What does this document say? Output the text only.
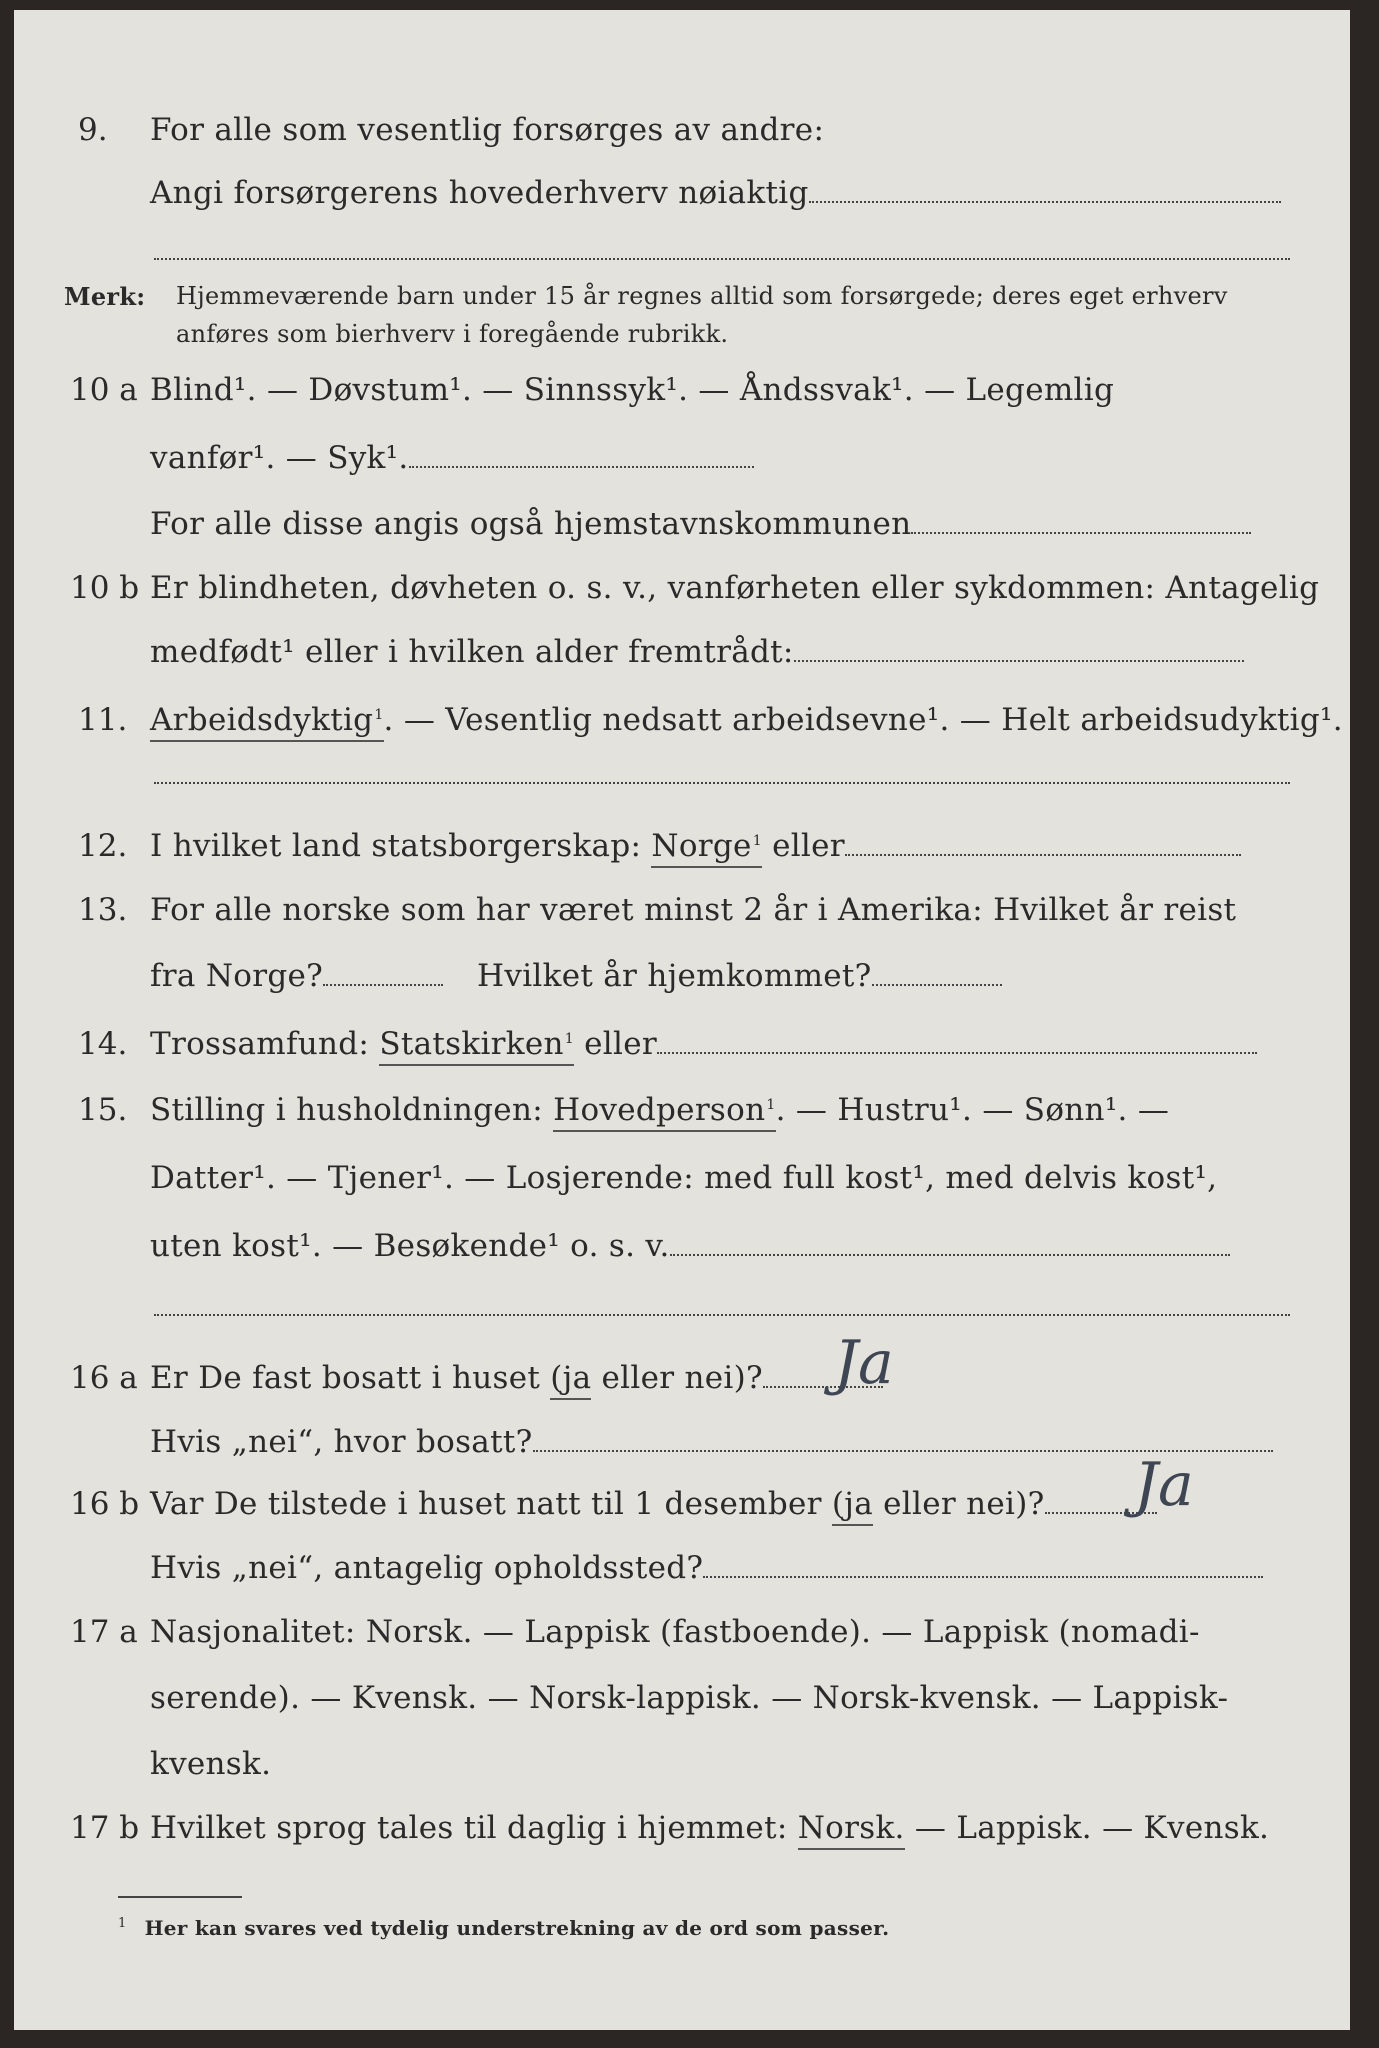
9. For alle som vesentlig forsørges av andre:
Angi forsørgerens hovederhverv nøiaktig
Merk: Hjemmeværende barn under 15 år regnes alltid som forsørgede; deres eget erhverv
anføres som bierhverv i foregående rubrikk.
10 a Blind¹. — Døvstum¹. — Sinnssyk¹. — Åndssvak¹. — Legemlig
vanfør¹. — Syk¹.
For alle disse angis også hjemstavnskommunen
10 b Er blindheten, døvheten o. s. v., vanførheten eller sykdommen: Antagelig
medfødt¹ eller i hvilken alder fremtrådt:
11. Arbeidsdyktig$^1$. — Vesentlig nedsatt arbeidsevne¹. — Helt arbeidsudyktig¹.
12. I hvilket land statsborgerskap: Norge$^1$ eller
13. For alle norske som har været minst 2 år i Amerika: Hvilket år reist
fra Norge?	Hvilket år hjemkommet?
14. Trossamfund: Statskirken$^1$ eller
15. Stilling i husholdningen: Hovedperson$^1$. — Hustru¹. — Sønn¹. —
Datter¹. — Tjener¹. — Losjerende: med full kost¹, med delvis kost¹,
uten kost¹. — Besøkende¹ o. s. v.
16 a Er De fast bosatt i huset (ja eller nei)?	Ja
Hvis „nei“, hvor bosatt?
16 b Var De tilstede i huset natt til 1 desember (ja eller nei)?	Ja
Hvis „nei“, antagelig opholdssted?
17 a Nasjonalitet: Norsk. — Lappisk (fastboende). — Lappisk (nomadi-
serende). — Kvensk. — Norsk-lappisk. — Norsk-kvensk. — Lappisk-
kvensk.
17 b Hvilket sprog tales til daglig i hjemmet: Norsk. — Lappisk. — Kvensk.
$^1$ Her kan svares ved tydelig understrekning av de ord som passer.
